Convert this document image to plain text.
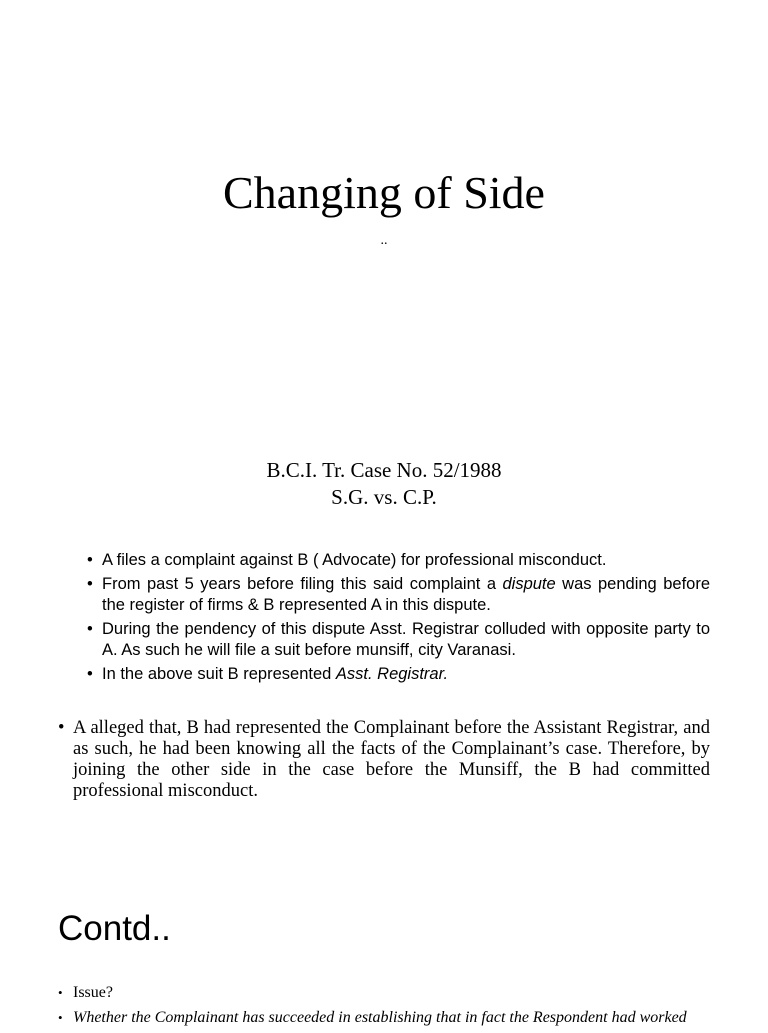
Changing of Side
..
B.C.I. Tr. Case No. 52/1988
S.G. vs. C.P.
• A files a complaint against B ( Advocate) for professional misconduct.
• From past 5 years before filing this said complaint a dispute was pending before the register of firms & B represented A in this dispute.
• During the pendency of this dispute Asst. Registrar colluded with opposite party to A. As such he will file a suit before munsiff, city Varanasi.
• In the above suit B represented Asst. Registrar.
• A alleged that, B had represented the Complainant before the Assistant Registrar, and as such, he had been knowing all the facts of the Complainant’s case. Therefore, by joining the other side in the case before the Munsiff, the B had committed professional misconduct.
Contd..
• Issue?
• Whether the Complainant has succeeded in establishing that in fact the Respondent had worked
